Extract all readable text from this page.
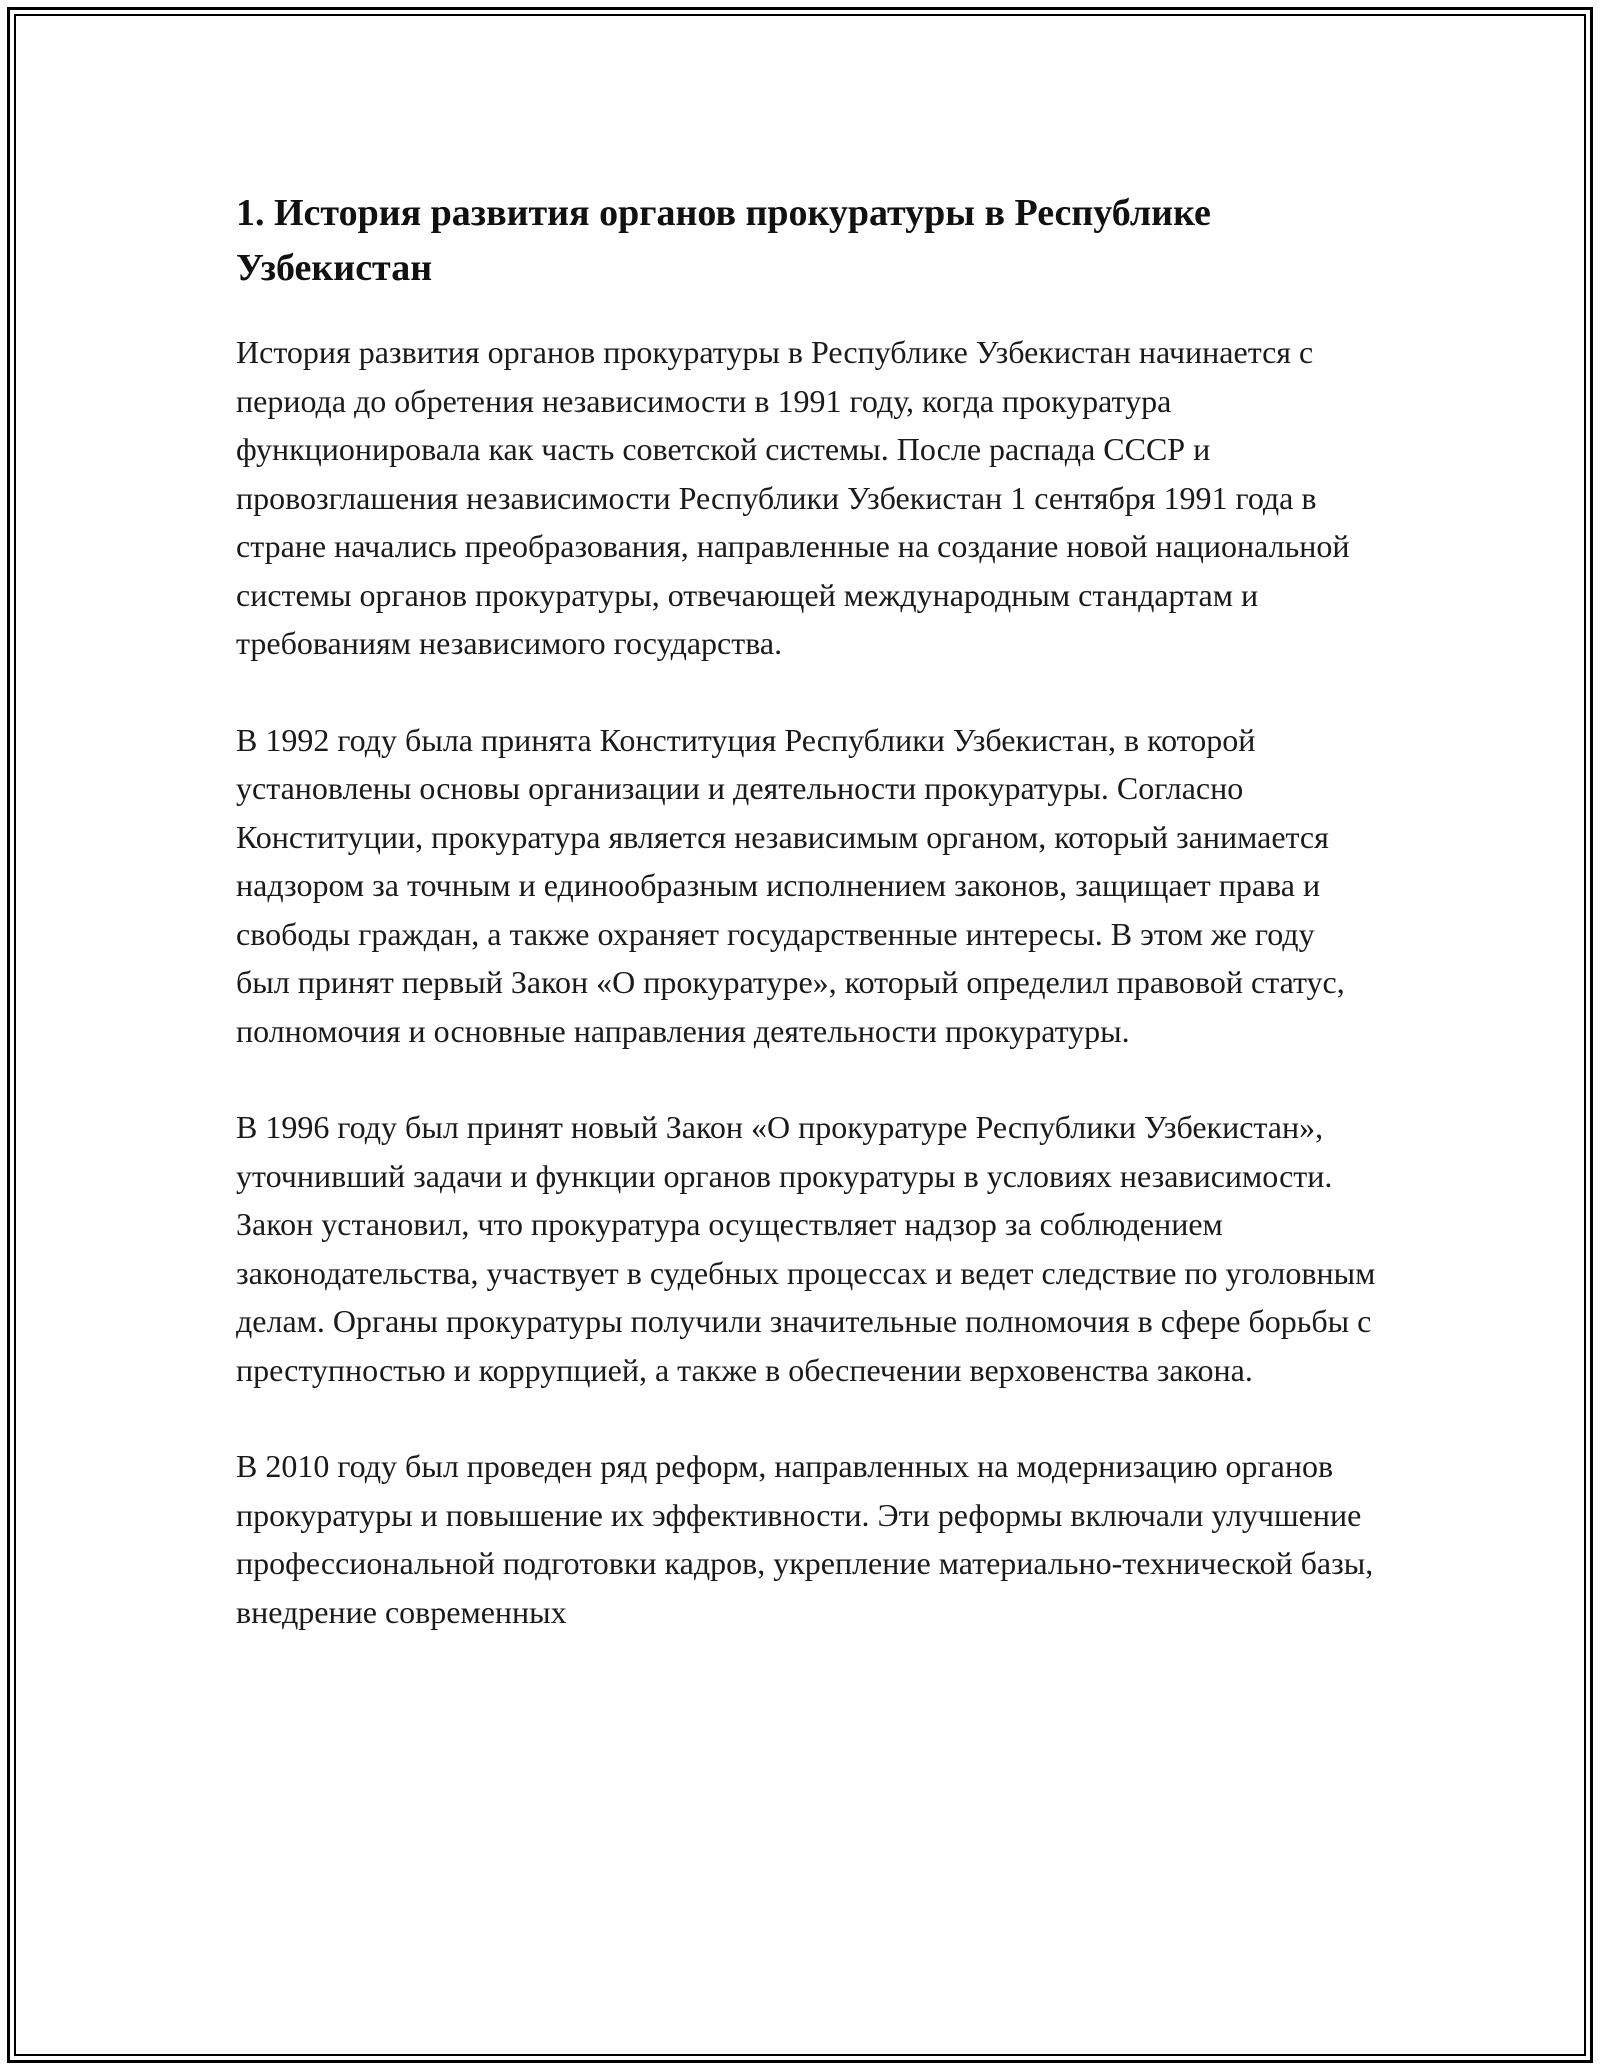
1. История развития органов прокуратуры в Республике Узбекистан

История развития органов прокуратуры в Республике Узбекистан начинается с периода до обретения независимости в 1991 году, когда прокуратура функционировала как часть советской системы. После распада СССР и провозглашения независимости Республики Узбекистан 1 сентября 1991 года в стране начались преобразования, направленные на создание новой национальной системы органов прокуратуры, отвечающей международным стандартам и требованиям независимого государства.

В 1992 году была принята Конституция Республики Узбекистан, в которой установлены основы организации и деятельности прокуратуры. Согласно Конституции, прокуратура является независимым органом, который занимается надзором за точным и единообразным исполнением законов, защищает права и свободы граждан, а также охраняет государственные интересы. В этом же году был принят первый Закон «О прокуратуре», который определил правовой статус, полномочия и основные направления деятельности прокуратуры.

В 1996 году был принят новый Закон «О прокуратуре Республики Узбекистан», уточнивший задачи и функции органов прокуратуры в условиях независимости. Закон установил, что прокуратура осуществляет надзор за соблюдением законодательства, участвует в судебных процессах и ведет следствие по уголовным делам. Органы прокуратуры получили значительные полномочия в сфере борьбы с преступностью и коррупцией, а также в обеспечении верховенства закона.

В 2010 году был проведен ряд реформ, направленных на модернизацию органов прокуратуры и повышение их эффективности. Эти реформы включали улучшение профессиональной подготовки кадров, укрепление материально-технической базы, внедрение современных
